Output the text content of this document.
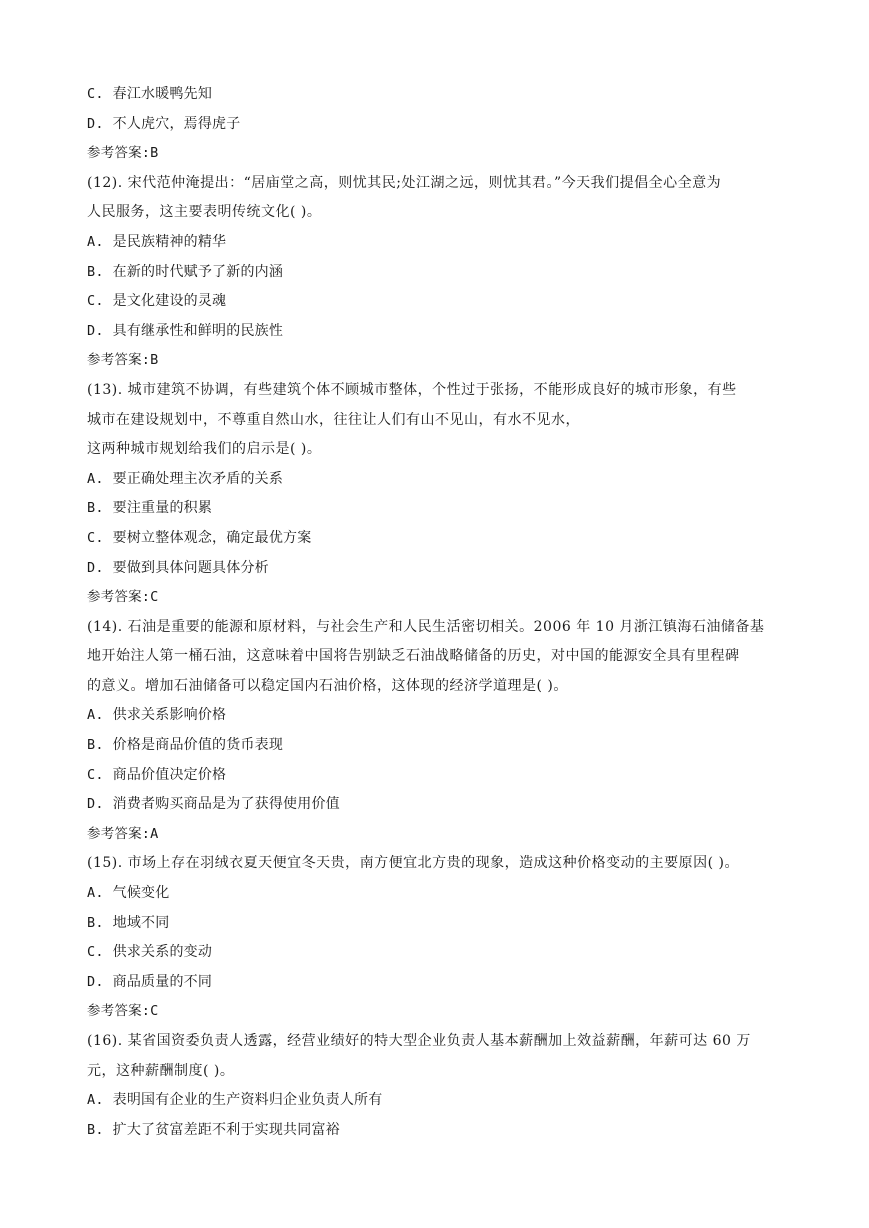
C. 春江水暖鸭先知
D. 不人虎穴，焉得虎子
参考答案:B
(12). 宋代范仲淹提出：“居庙堂之高，则忧其民;处江湖之远，则忧其君。”今天我们提倡全心全意为
人民服务，这主要表明传统文化( )。
A. 是民族精神的精华
B. 在新的时代赋予了新的内涵
C. 是文化建设的灵魂
D. 具有继承性和鲜明的民族性
参考答案:B
(13). 城市建筑不协调，有些建筑个体不顾城市整体，个性过于张扬，不能形成良好的城市形象，有些
城市在建设规划中，不尊重自然山水，往往让人们有山不见山，有水不见水，
这两种城市规划给我们的启示是( )。
A. 要正确处理主次矛盾的关系
B. 要注重量的积累
C. 要树立整体观念，确定最优方案
D. 要做到具体问题具体分析
参考答案:C
(14). 石油是重要的能源和原材料，与社会生产和人民生活密切相关。2006 年 10 月浙江镇海石油储备基
地开始注人第一桶石油，这意味着中国将告别缺乏石油战略储备的历史，对中国的能源安全具有里程碑
的意义。增加石油储备可以稳定国内石油价格，这体现的经济学道理是( )。
A. 供求关系影响价格
B. 价格是商品价值的货币表现
C. 商品价值决定价格
D. 消费者购买商品是为了获得使用价值
参考答案:A
(15). 市场上存在羽绒衣夏天便宜冬天贵，南方便宜北方贵的现象，造成这种价格变动的主要原因( )。
A. 气候变化
B. 地域不同
C. 供求关系的变动
D. 商品质量的不同
参考答案:C
(16). 某省国资委负责人透露，经营业绩好的特大型企业负责人基本薪酬加上效益薪酬，年薪可达 60 万
元，这种薪酬制度( )。
A. 表明国有企业的生产资料归企业负责人所有
B. 扩大了贫富差距不利于实现共同富裕
